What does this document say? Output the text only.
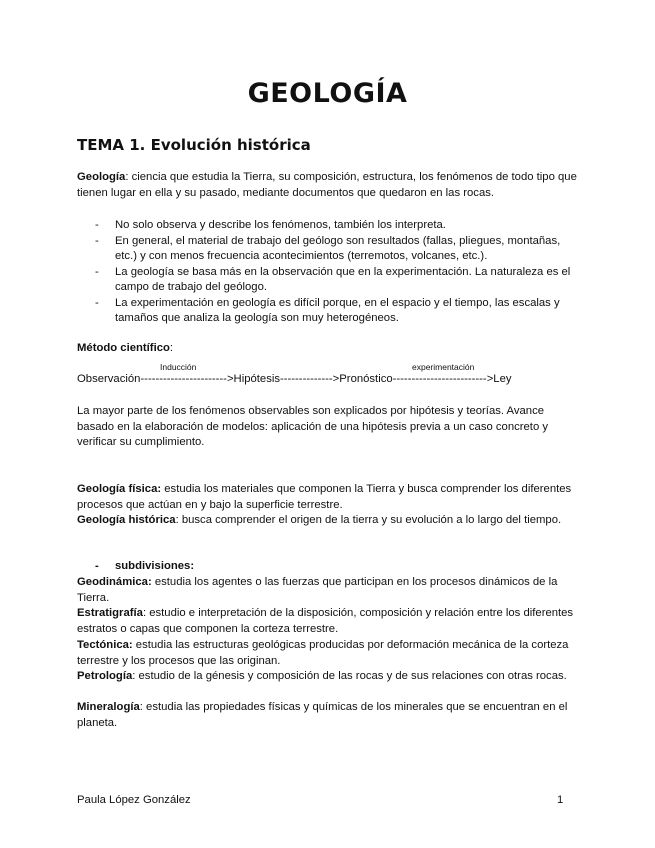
GEOLOGÍA
TEMA 1. Evolución histórica
Geología: ciencia que estudia la Tierra, su composición, estructura, los fenómenos de todo tipo que tienen lugar en ella y su pasado, mediante documentos que quedaron en las rocas.
- No solo observa y describe los fenómenos, también los interpreta.
- En general, el material de trabajo del geólogo son resultados (fallas, pliegues, montañas, etc.) y con menos frecuencia acontecimientos (terremotos, volcanes, etc.).
- La geología se basa más en la observación que en la experimentación. La naturaleza es el campo de trabajo del geólogo.
- La experimentación en geología es difícil porque, en el espacio y el tiempo, las escalas y tamaños que analiza la geología son muy heterogéneos.
Método científico:
Inducción	experimentación
Observación----------------------->Hipótesis-------------->Pronóstico------------------------->Ley
La mayor parte de los fenómenos observables son explicados por hipótesis y teorías. Avance basado en la elaboración de modelos: aplicación de una hipótesis previa a un caso concreto y verificar su cumplimiento.
Geología física: estudia los materiales que componen la Tierra y busca comprender los diferentes procesos que actúan en y bajo la superficie terrestre.
Geología histórica: busca comprender el origen de la tierra y su evolución a lo largo del tiempo.
- subdivisiones:
Geodinámica: estudia los agentes o las fuerzas que participan en los procesos dinámicos de la Tierra.
Estratigrafía: estudio e interpretación de la disposición, composición y relación entre los diferentes estratos o capas que componen la corteza terrestre.
Tectónica: estudia las estructuras geológicas producidas por deformación mecánica de la corteza terrestre y los procesos que las originan.
Petrología: estudio de la génesis y composición de las rocas y de sus relaciones con otras rocas.
Mineralogía: estudia las propiedades físicas y químicas de los minerales que se encuentran en el planeta.
Paula López González	1
